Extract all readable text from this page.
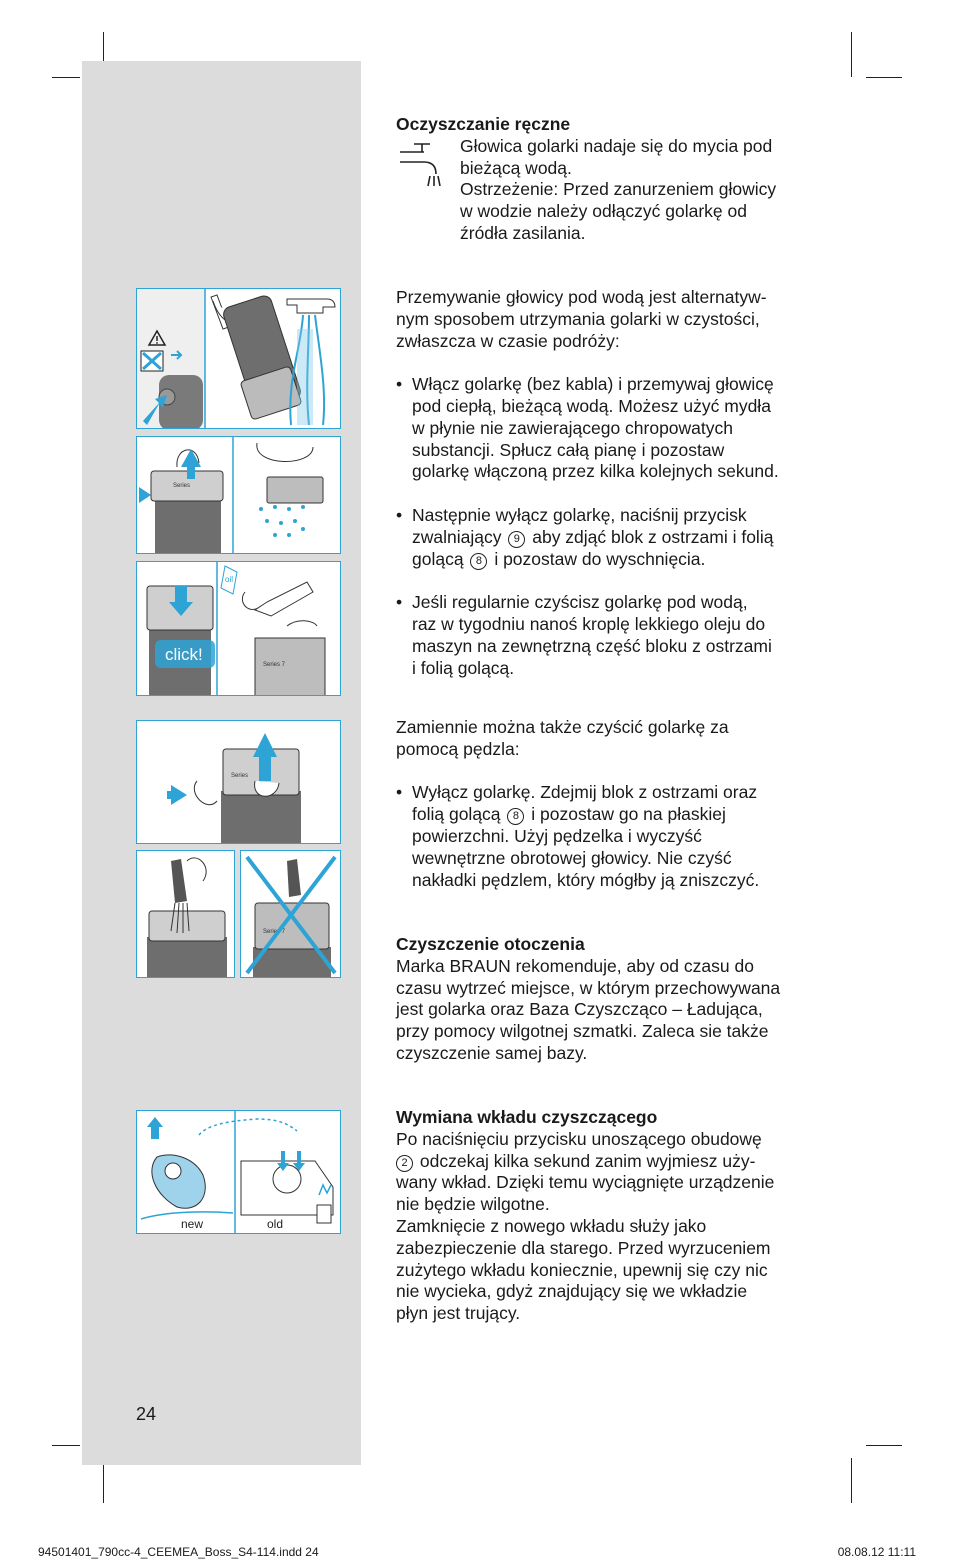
Series
click!
oil
Series 7
Series
Series 7
new	old

Oczyszczanie ręczne

Głowica golarki nadaje się do mycia pod

bieżącą wodą.

Ostrzeżenie: Przed zanurzeniem głowicy

w wodzie należy odłączyć golarkę od

źródła zasilania.

Przemywanie głowicy pod wodą jest alternatyw-

nym sposobem utrzymania golarki w czystości,

zwłaszcza w czasie podróży:

• Włącz golarkę (bez kabla) i przemywaj głowicę

pod ciepłą, bieżącą wodą. Możesz użyć mydła

w płynie nie zawierającego chropowatych

substancji. Spłucz całą pianę i pozostaw

golarkę włączoną przez kilka kolejnych sekund.

• Następnie wyłącz golarkę, naciśnij przycisk

zwalniający 9 aby zdjąć blok z ostrzami i folią

golącą 8 i pozostaw do wyschnięcia.

• Jeśli regularnie czyścisz golarkę pod wodą,

raz w tygodniu nanoś kroplę lekkiego oleju do

maszyn na zewnętrzną część bloku z ostrzami

i folią golącą.

Zamiennie można także czyścić golarkę za

pomocą pędzla:

• Wyłącz golarkę. Zdejmij blok z ostrzami oraz

folią golącą 8 i pozostaw go na płaskiej

powierzchni. Użyj pędzelka i wyczyść

wewnętrzne obrotowej głowicy. Nie czyść

nakładki pędzlem, który mógłby ją zniszczyć.

Czyszczenie otoczenia

Marka BRAUN rekomenduje, aby od czasu do

czasu wytrzeć miejsce, w którym przechowywana

jest golarka oraz Baza Czyszcząco – Ładująca,

przy pomocy wilgotnej szmatki. Zaleca sie także

czyszczenie samej bazy.

Wymiana wkładu czyszczącego

Po naciśnięciu przycisku unoszącego obudowę

2 odczekaj kilka sekund zanim wyjmiesz uży-

wany wkład. Dzięki temu wyciągnięte urządzenie

nie będzie wilgotne.

Zamknięcie z nowego wkładu służy jako

zabezpieczenie dla starego. Przed wyrzuceniem

zużytego wkładu koniecznie, upewnij się czy nic

nie wycieka, gdyż znajdujący się we wkładzie

płyn jest trujący.

24
94501401_790cc-4_CEEMEA_Boss_S4-114.indd 24	08.08.12 11:11
